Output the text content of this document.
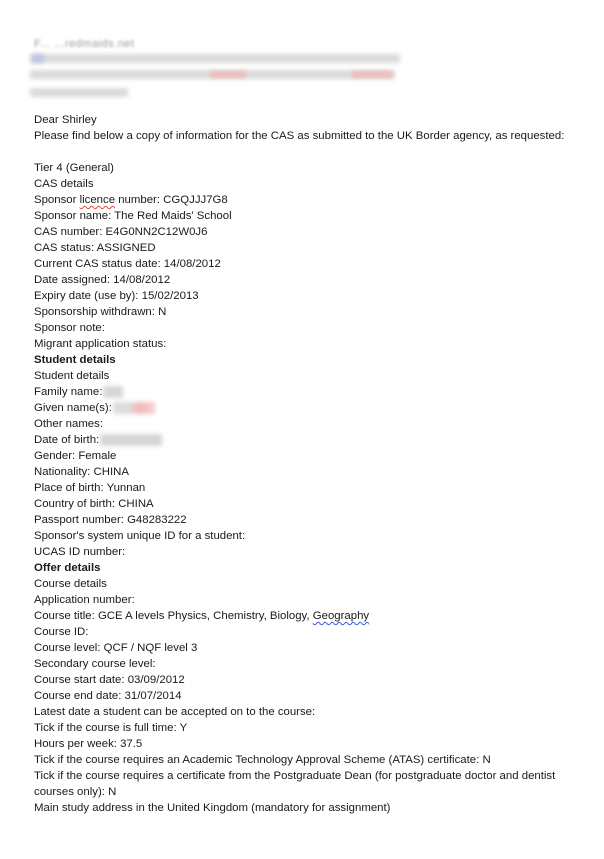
F... ...redmaids.net
Dear Shirley
Please find below a copy of information for the CAS as submitted to the UK Border agency, as requested:
Tier 4 (General)
CAS details
Sponsor licence number: CGQJJJ7G8
Sponsor name: The Red Maids' School
CAS number: E4G0NN2C12W0J6
CAS status: ASSIGNED
Current CAS status date: 14/08/2012
Date assigned: 14/08/2012
Expiry date (use by): 15/02/2013
Sponsorship withdrawn: N
Sponsor note:
Migrant application status:
Student details
Student details
Family name:
Given name(s):
Other names:
Date of birth:
Gender: Female
Nationality: CHINA
Place of birth: Yunnan
Country of birth: CHINA
Passport number: G48283222
Sponsor's system unique ID for a student:
UCAS ID number:
Offer details
Course details
Application number:
Course title: GCE A levels Physics, Chemistry, Biology, Geography
Course ID:
Course level: QCF / NQF level 3
Secondary course level:
Course start date: 03/09/2012
Course end date: 31/07/2014
Latest date a student can be accepted on to the course:
Tick if the course is full time: Y
Hours per week: 37.5
Tick if the course requires an Academic Technology Approval Scheme (ATAS) certificate: N
Tick if the course requires a certificate from the Postgraduate Dean (for postgraduate doctor and dentist courses only): N
Main study address in the United Kingdom (mandatory for assignment)
